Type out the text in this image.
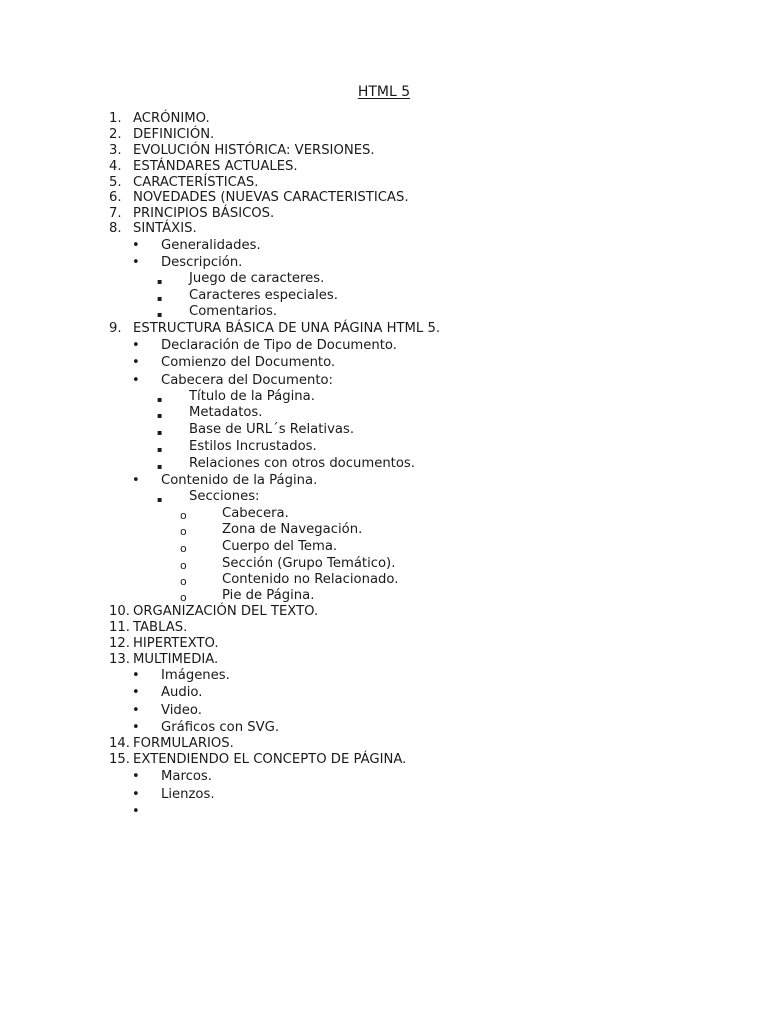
HTML 5
1. ACRÓNIMO.
2. DEFINICIÓN.
3. EVOLUCIÓN HISTÓRICA: VERSIONES.
4. ESTÁNDARES ACTUALES.
5. CARACTERÍSTICAS.
6. NOVEDADES (NUEVAS CARACTERISTICAS.
7. PRINCIPIOS BÁSICOS.
8. SINTÁXIS.
• Generalidades.
• Descripción.
▪ Juego de caracteres.
▪ Caracteres especiales.
▪ Comentarios.
9. ESTRUCTURA BÁSICA DE UNA PÁGINA HTML 5.
• Declaración de Tipo de Documento.
• Comienzo del Documento.
• Cabecera del Documento:
▪ Título de la Página.
▪ Metadatos.
▪ Base de URL´s Relativas.
▪ Estilos Incrustados.
▪ Relaciones con otros documentos.
• Contenido de la Página.
▪ Secciones:
o	Cabecera.
o	Zona de Navegación.
o	Cuerpo del Tema.
o	Sección (Grupo Temático).
o	Contenido no Relacionado.
o	Pie de Página.
10. ORGANIZACIÓN DEL TEXTO.
11. TABLAS.
12. HIPERTEXTO.
13. MULTIMEDIA.
• Imágenes.
• Audio.
• Video.
• Gráficos con SVG.
14. FORMULARIOS.
15. EXTENDIENDO EL CONCEPTO DE PÁGINA.
• Marcos.
• Lienzos.
•
